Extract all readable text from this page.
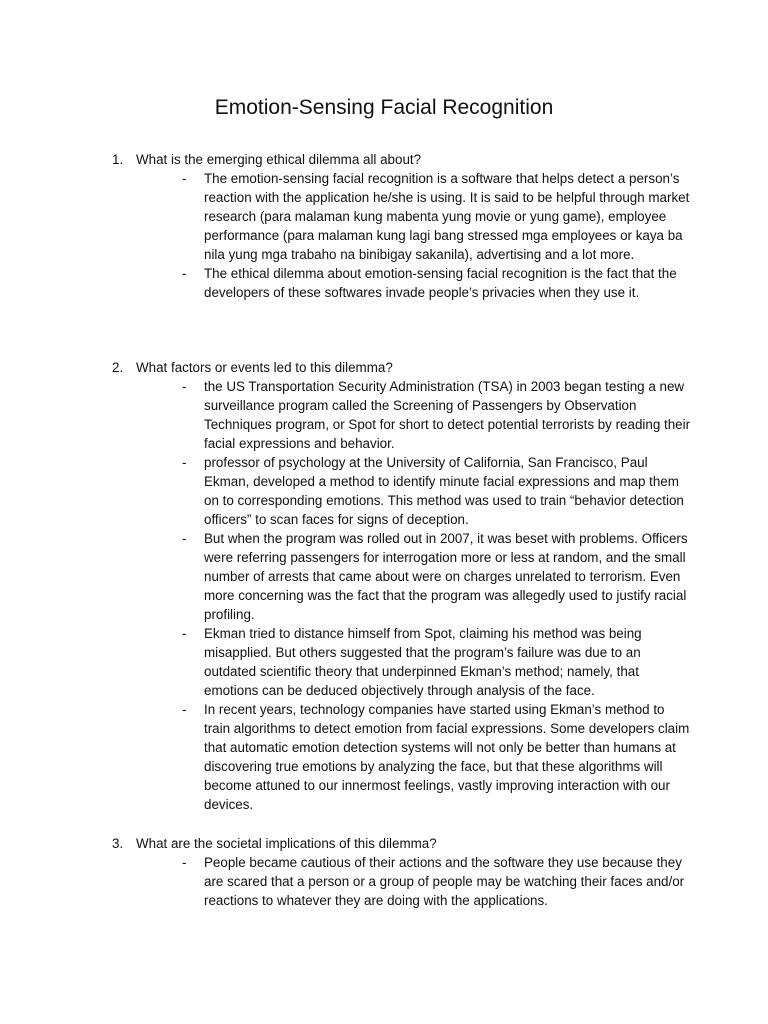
Emotion-Sensing Facial Recognition
1. What is the emerging ethical dilemma all about?
- The emotion-sensing facial recognition is a software that helps detect a person’s reaction with the application he/she is using. It is said to be helpful through market research (para malaman kung mabenta yung movie or yung game), employee performance (para malaman kung lagi bang stressed mga employees or kaya ba nila yung mga trabaho na binibigay sakanila), advertising and a lot more.
- The ethical dilemma about emotion-sensing facial recognition is the fact that the developers of these softwares invade people’s privacies when they use it.
2. What factors or events led to this dilemma?
- the US Transportation Security Administration (TSA) in 2003 began testing a new surveillance program called the Screening of Passengers by Observation Techniques program, or Spot for short to detect potential terrorists by reading their facial expressions and behavior.
- professor of psychology at the University of California, San Francisco, Paul Ekman, developed a method to identify minute facial expressions and map them on to corresponding emotions. This method was used to train “behavior detection officers” to scan faces for signs of deception.
- But when the program was rolled out in 2007, it was beset with problems. Officers were referring passengers for interrogation more or less at random, and the small number of arrests that came about were on charges unrelated to terrorism. Even more concerning was the fact that the program was allegedly used to justify racial profiling.
- Ekman tried to distance himself from Spot, claiming his method was being misapplied. But others suggested that the program’s failure was due to an outdated scientific theory that underpinned Ekman’s method; namely, that emotions can be deduced objectively through analysis of the face.
- In recent years, technology companies have started using Ekman’s method to train algorithms to detect emotion from facial expressions. Some developers claim that automatic emotion detection systems will not only be better than humans at discovering true emotions by analyzing the face, but that these algorithms will become attuned to our innermost feelings, vastly improving interaction with our devices.
3. What are the societal implications of this dilemma?
- People became cautious of their actions and the software they use because they are scared that a person or a group of people may be watching their faces and/or reactions to whatever they are doing with the applications.
